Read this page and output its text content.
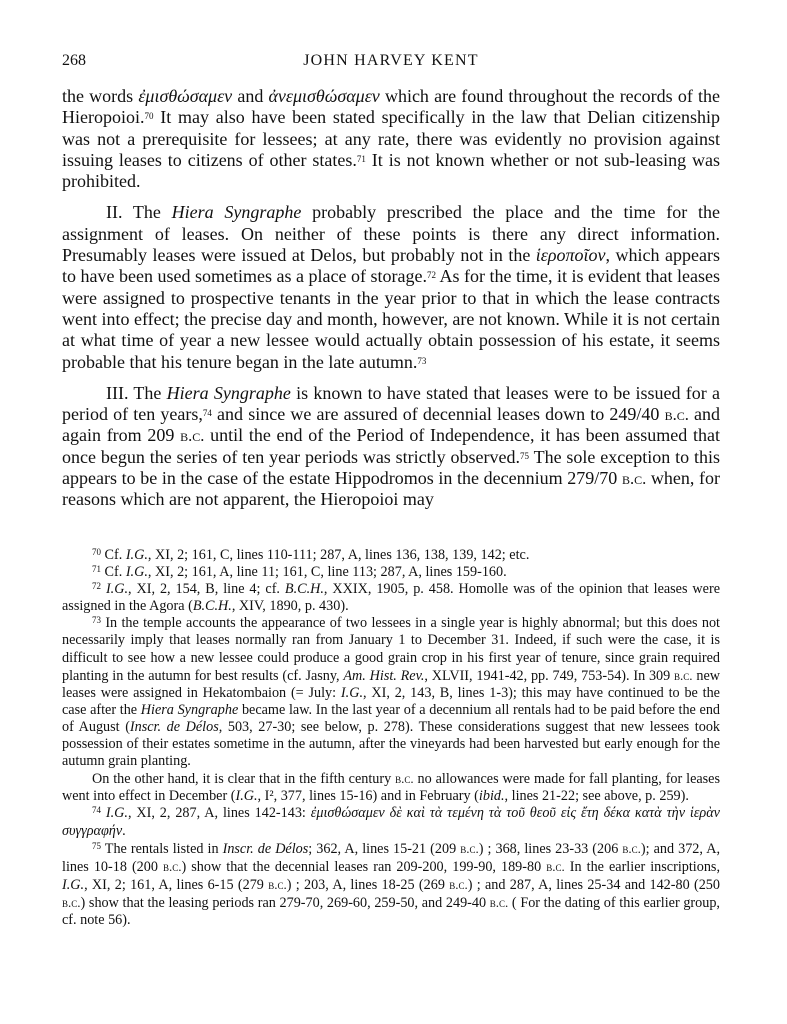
268	JOHN HARVEY KENT

the words ἐμισθώσαμεν and ἀνεμισθώσαμεν which are found throughout the records of the Hieropoioi.$^{70}$ It may also have been stated specifically in the law that Delian citizenship was not a prerequisite for lessees; at any rate, there was evidently no provision against issuing leases to citizens of other states.$^{71}$ It is not known whether or not sub-leasing was prohibited.

II. The Hiera Syngraphe probably prescribed the place and the time for the assignment of leases. On neither of these points is there any direct information. Presumably leases were issued at Delos, but probably not in the ἱεροποῖον, which appears to have been used sometimes as a place of storage.$^{72}$ As for the time, it is evident that leases were assigned to prospective tenants in the year prior to that in which the lease contracts went into effect; the precise day and month, however, are not known. While it is not certain at what time of year a new lessee would actually obtain possession of his estate, it seems probable that his tenure began in the late autumn.$^{73}$

III. The Hiera Syngraphe is known to have stated that leases were to be issued for a period of ten years,$^{74}$ and since we are assured of decennial leases down to 249/40 b.c. and again from 209 b.c. until the end of the Period of Independence, it has been assumed that once begun the series of ten year periods was strictly observed.$^{75}$ The sole exception to this appears to be in the case of the estate Hippodromos in the decennium 279/70 b.c. when, for reasons which are not apparent, the Hieropoioi may

$^{70}$ Cf. I.G., XI, 2; 161, C, lines 110-111; 287, A, lines 136, 138, 139, 142; etc.

$^{71}$ Cf. I.G., XI, 2; 161, A, line 11; 161, C, line 113; 287, A, lines 159-160.

$^{72}$ I.G., XI, 2, 154, B, line 4; cf. B.C.H., XXIX, 1905, p. 458. Homolle was of the opinion that leases were assigned in the Agora (B.C.H., XIV, 1890, p. 430).

$^{73}$ In the temple accounts the appearance of two lessees in a single year is highly abnormal; but this does not necessarily imply that leases normally ran from January 1 to December 31. Indeed, if such were the case, it is difficult to see how a new lessee could produce a good grain crop in his first year of tenure, since grain required planting in the autumn for best results (cf. Jasny, Am. Hist. Rev., XLVII, 1941-42, pp. 749, 753-54). In 309 b.c. new leases were assigned in Hekatombaion (= July: I.G., XI, 2, 143, B, lines 1-3); this may have continued to be the case after the Hiera Syngraphe became law. In the last year of a decennium all rentals had to be paid before the end of August (Inscr. de Délos, 503, 27-30; see below, p. 278). These considerations suggest that new lessees took possession of their estates sometime in the autumn, after the vineyards had been harvested but early enough for the autumn grain planting.

On the other hand, it is clear that in the fifth century b.c. no allowances were made for fall planting, for leases went into effect in December (I.G., I², 377, lines 15-16) and in February (ibid., lines 21-22; see above, p. 259).

$^{74}$ I.G., XI, 2, 287, A, lines 142-143: ἐμισθώσαμεν δὲ καὶ τὰ τεμένη τὰ τοῦ θεοῦ εἰς ἔτη δέκα κατὰ τὴν ἱερὰν συγγραφήν.

$^{75}$ The rentals listed in Inscr. de Délos; 362, A, lines 15-21 (209 b.c.) ; 368, lines 23-33 (206 b.c.); and 372, A, lines 10-18 (200 b.c.) show that the decennial leases ran 209-200, 199-90, 189-80 b.c. In the earlier inscriptions, I.G., XI, 2; 161, A, lines 6-15 (279 b.c.) ; 203, A, lines 18-25 (269 b.c.) ; and 287, A, lines 25-34 and 142-80 (250 b.c.) show that the leasing periods ran 279-70, 269-60, 259-50, and 249-40 b.c. ( For the dating of this earlier group, cf. note 56).
